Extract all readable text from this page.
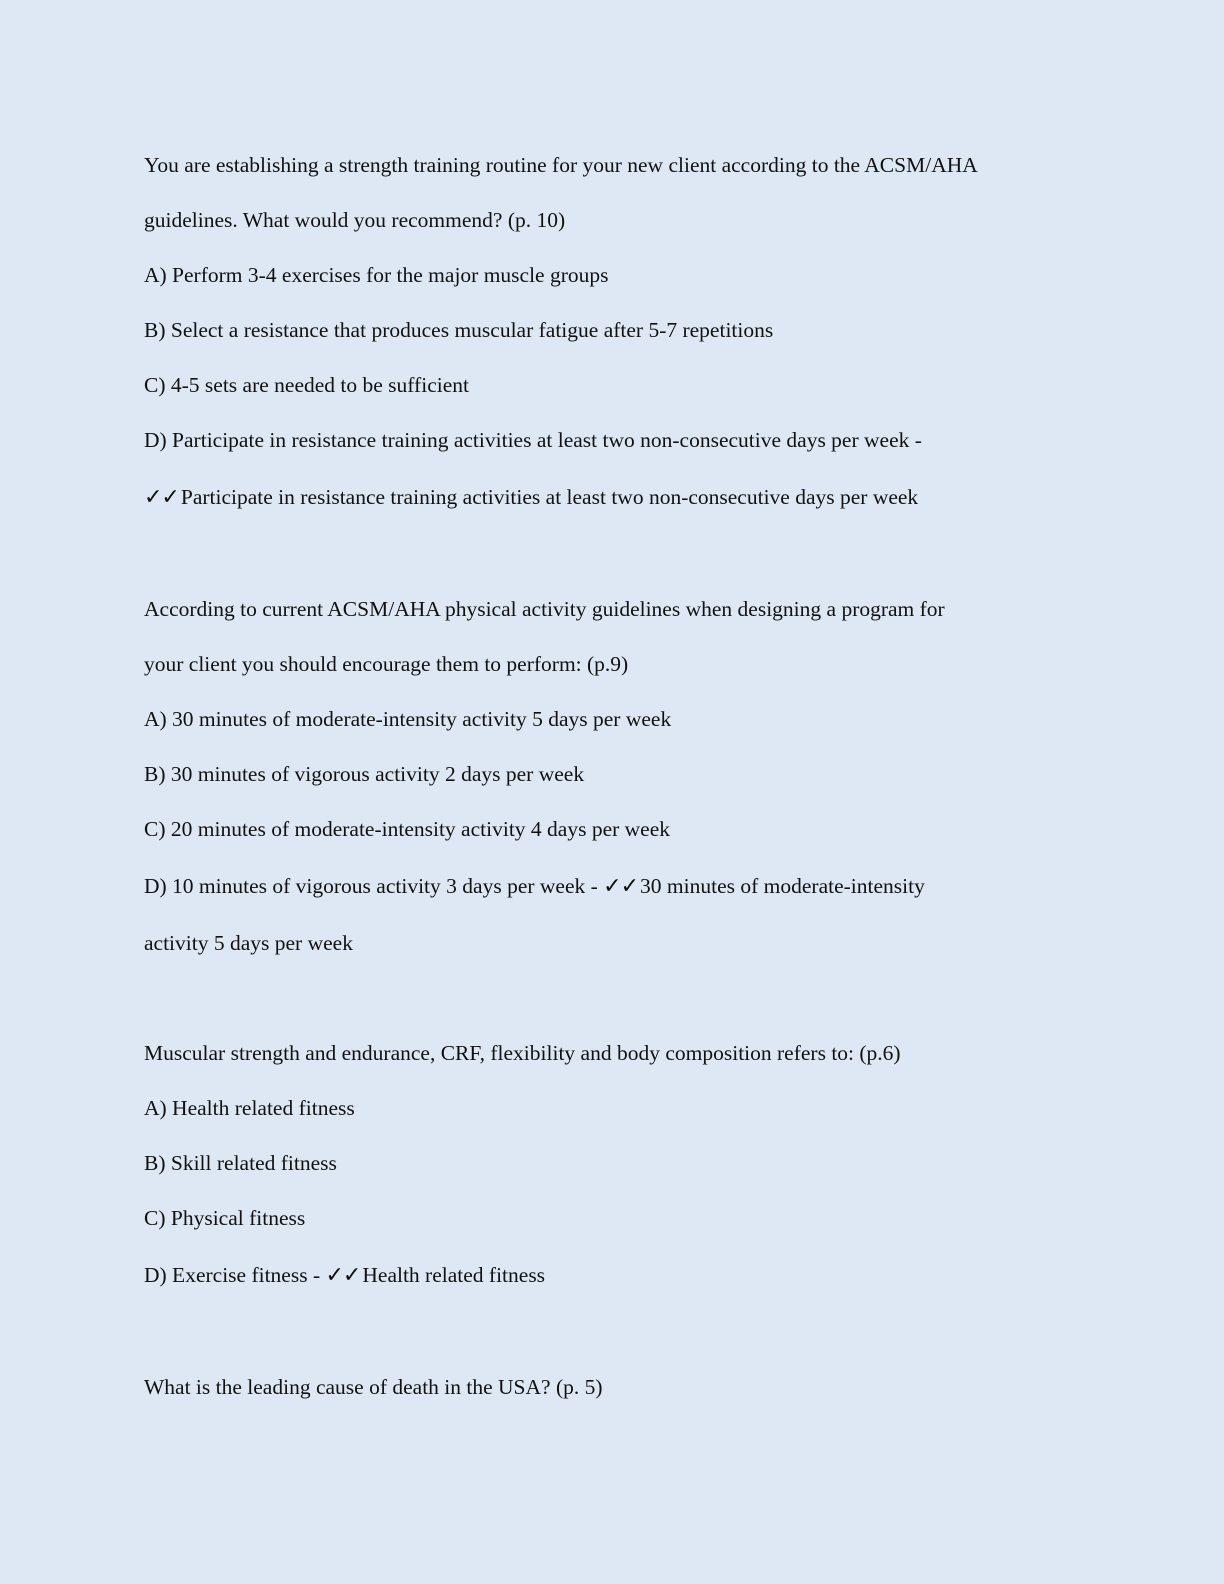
You are establishing a strength training routine for your new client according to the ACSM/AHA

guidelines. What would you recommend? (p. 10)

A) Perform 3-4 exercises for the major muscle groups

B) Select a resistance that produces muscular fatigue after 5-7 repetitions

C) 4-5 sets are needed to be sufficient

D) Participate in resistance training activities at least two non-consecutive days per week -

✓✓Participate in resistance training activities at least two non-consecutive days per week

According to current ACSM/AHA physical activity guidelines when designing a program for

your client you should encourage them to perform: (p.9)

A) 30 minutes of moderate-intensity activity 5 days per week

B) 30 minutes of vigorous activity 2 days per week

C) 20 minutes of moderate-intensity activity 4 days per week

D) 10 minutes of vigorous activity 3 days per week - ✓✓30 minutes of moderate-intensity

activity 5 days per week

Muscular strength and endurance, CRF, flexibility and body composition refers to: (p.6)

A) Health related fitness

B) Skill related fitness

C) Physical fitness

D) Exercise fitness - ✓✓Health related fitness

What is the leading cause of death in the USA? (p. 5)
